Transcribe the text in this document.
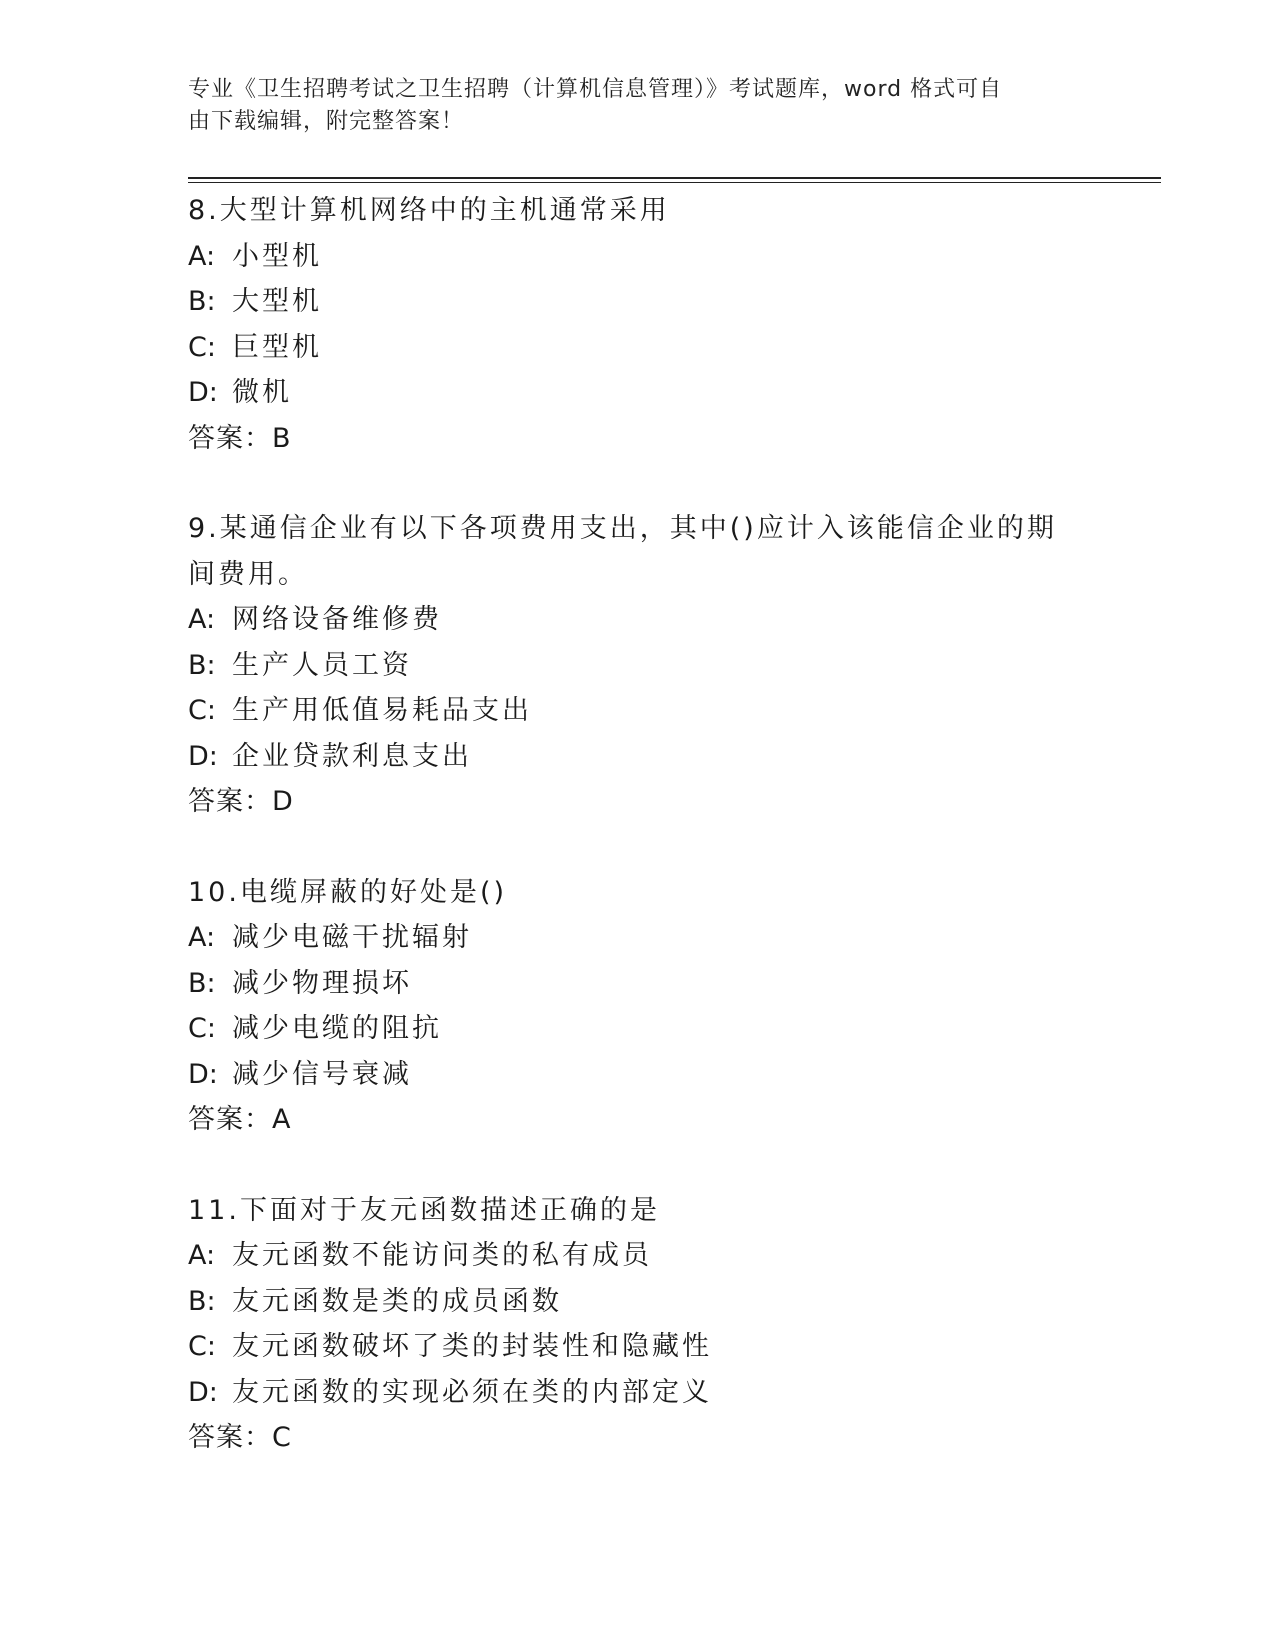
专业《卫生招聘考试之卫生招聘（计算机信息管理）》考试题库，word 格式可自
由下载编辑，附完整答案！
8.大型计算机网络中的主机通常采用
A: 小型机
B: 大型机
C: 巨型机
D: 微机
答案：B
9.某通信企业有以下各项费用支出，其中()应计入该能信企业的期间费用。
A: 网络设备维修费
B: 生产人员工资
C: 生产用低值易耗品支出
D: 企业贷款利息支出
答案：D
10.电缆屏蔽的好处是()
A: 减少电磁干扰辐射
B: 减少物理损坏
C: 减少电缆的阻抗
D: 减少信号衰减
答案：A
11.下面对于友元函数描述正确的是
A: 友元函数不能访问类的私有成员
B: 友元函数是类的成员函数
C: 友元函数破坏了类的封装性和隐藏性
D: 友元函数的实现必须在类的内部定义
答案：C
